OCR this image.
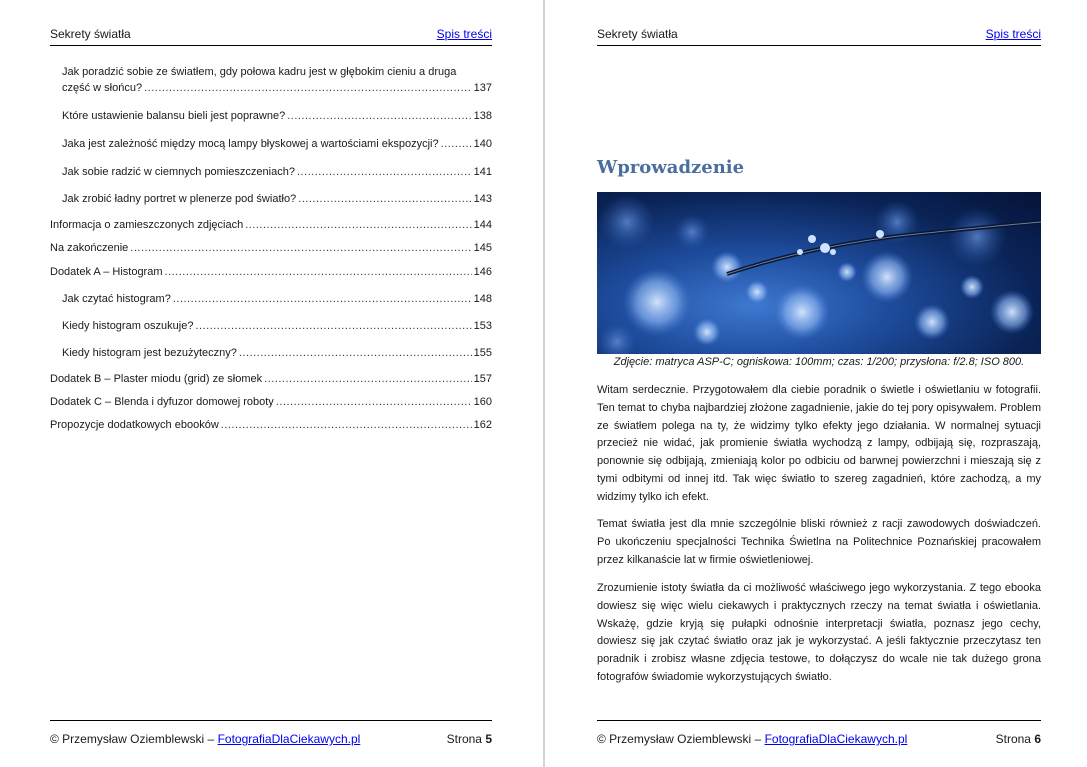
Sekrety światła	Spis treści
Jak poradzić sobie ze światłem, gdy połowa kadru jest w głębokim cieniu a druga
część w słońcu? .....	137
Które ustawienie balansu bieli jest poprawne? .....	138
Jaka jest zależność między mocą lampy błyskowej a wartościami ekspozycji? .....	140
Jak sobie radzić w ciemnych pomieszczeniach? .....	141
Jak zrobić ładny portret w plenerze pod światło? .....	143
Informacja o zamieszczonych zdjęciach .....	144
Na zakończenie .....	145
Dodatek A – Histogram .....	146
Jak czytać histogram? .....	148
Kiedy histogram oszukuje? .....	153
Kiedy histogram jest bezużyteczny? .....	155
Dodatek B – Plaster miodu (grid) ze słomek .....	157
Dodatek C – Blenda i dyfuzor domowej roboty .....	160
Propozycje dodatkowych ebooków .....	162
© Przemysław Oziemblewski – FotografiaDlaCiekawych.pl	Strona 5
Sekrety światła	Spis treści
Wprowadzenie
Zdjęcie: matryca ASP-C; ogniskowa: 100mm; czas: 1/200; przysłona: f/2.8; ISO 800.

Witam serdecznie. Przygotowałem dla ciebie poradnik o świetle i oświetlaniu w fotografii. Ten temat to chyba najbardziej złożone zagadnienie, jakie do tej pory opisywałem. Problem ze światłem polega na ty, że widzimy tylko efekty jego działania. W normalnej sytuacji przecież nie widać, jak promienie światła wychodzą z lampy, odbijają się, rozpraszają, ponownie się odbijają, zmieniają kolor po odbiciu od barwnej powierzchni i mieszają się z tymi odbitymi od innej itd. Tak więc światło to szereg zagadnień, które zachodzą, a my widzimy tylko ich efekt.

Temat światła jest dla mnie szczególnie bliski również z racji zawodowych doświadczeń. Po ukończeniu specjalności Technika Świetlna na Politechnice Poznańskiej pracowałem przez kilkanaście lat w firmie oświetleniowej.

Zrozumienie istoty światła da ci możliwość właściwego jego wykorzystania. Z tego ebooka dowiesz się więc wielu ciekawych i praktycznych rzeczy na temat światła i oświetlania. Wskażę, gdzie kryją się pułapki odnośnie interpretacji światła, poznasz jego cechy, dowiesz się jak czytać światło oraz jak je wykorzystać. A jeśli faktycznie przeczytasz ten poradnik i zrobisz własne zdjęcia testowe, to dołączysz do wcale nie tak dużego grona fotografów świadomie wykorzystujących światło.

© Przemysław Oziemblewski – FotografiaDlaCiekawych.pl	Strona 6
